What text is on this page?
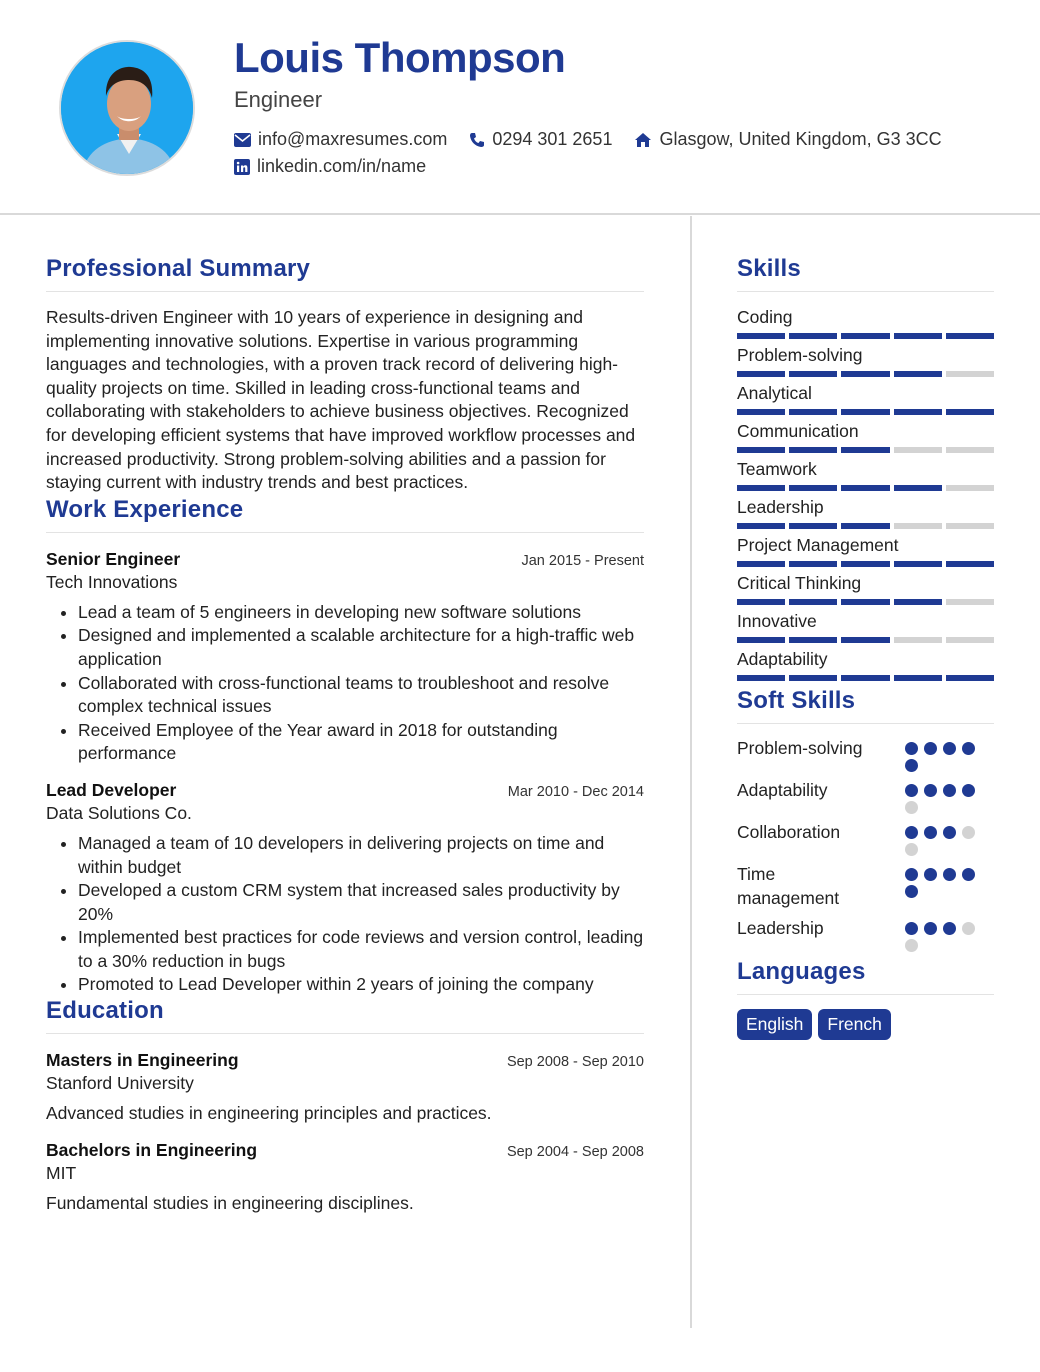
Louis Thompson
Engineer
info@maxresumes.com	0294 301 2651	Glasgow, United Kingdom, G3 3CC
linkedin.com/in/name
Professional Summary

Results-driven Engineer with 10 years of experience in designing and implementing innovative solutions. Expertise in various programming languages and technologies, with a proven track record of delivering high-quality projects on time. Skilled in leading cross-functional teams and collaborating with stakeholders to achieve business objectives. Recognized for developing efficient systems that have improved workflow processes and increased productivity. Strong problem-solving abilities and a passion for staying current with industry trends and best practices.

Work Experience
Senior Engineer	Jan 2015 - Present
Tech Innovations
• Lead a team of 5 engineers in developing new software solutions
• Designed and implemented a scalable architecture for a high-traffic web application
• Collaborated with cross-functional teams to troubleshoot and resolve complex technical issues
• Received Employee of the Year award in 2018 for outstanding performance
Lead Developer	Mar 2010 - Dec 2014
Data Solutions Co.
• Managed a team of 10 developers in delivering projects on time and within budget
• Developed a custom CRM system that increased sales productivity by 20%
• Implemented best practices for code reviews and version control, leading to a 30% reduction in bugs
• Promoted to Lead Developer within 2 years of joining the company
Education
Masters in Engineering	Sep 2008 - Sep 2010
Stanford University
Advanced studies in engineering principles and practices.
Bachelors in Engineering	Sep 2004 - Sep 2008
MIT
Fundamental studies in engineering disciplines.
Skills
Coding
Problem-solving
Analytical
Communication
Teamwork
Leadership
Project Management
Critical Thinking
Innovative
Adaptability
Soft Skills
Problem-solving
Adaptability
Collaboration
Time management
Leadership
Languages
English	French
